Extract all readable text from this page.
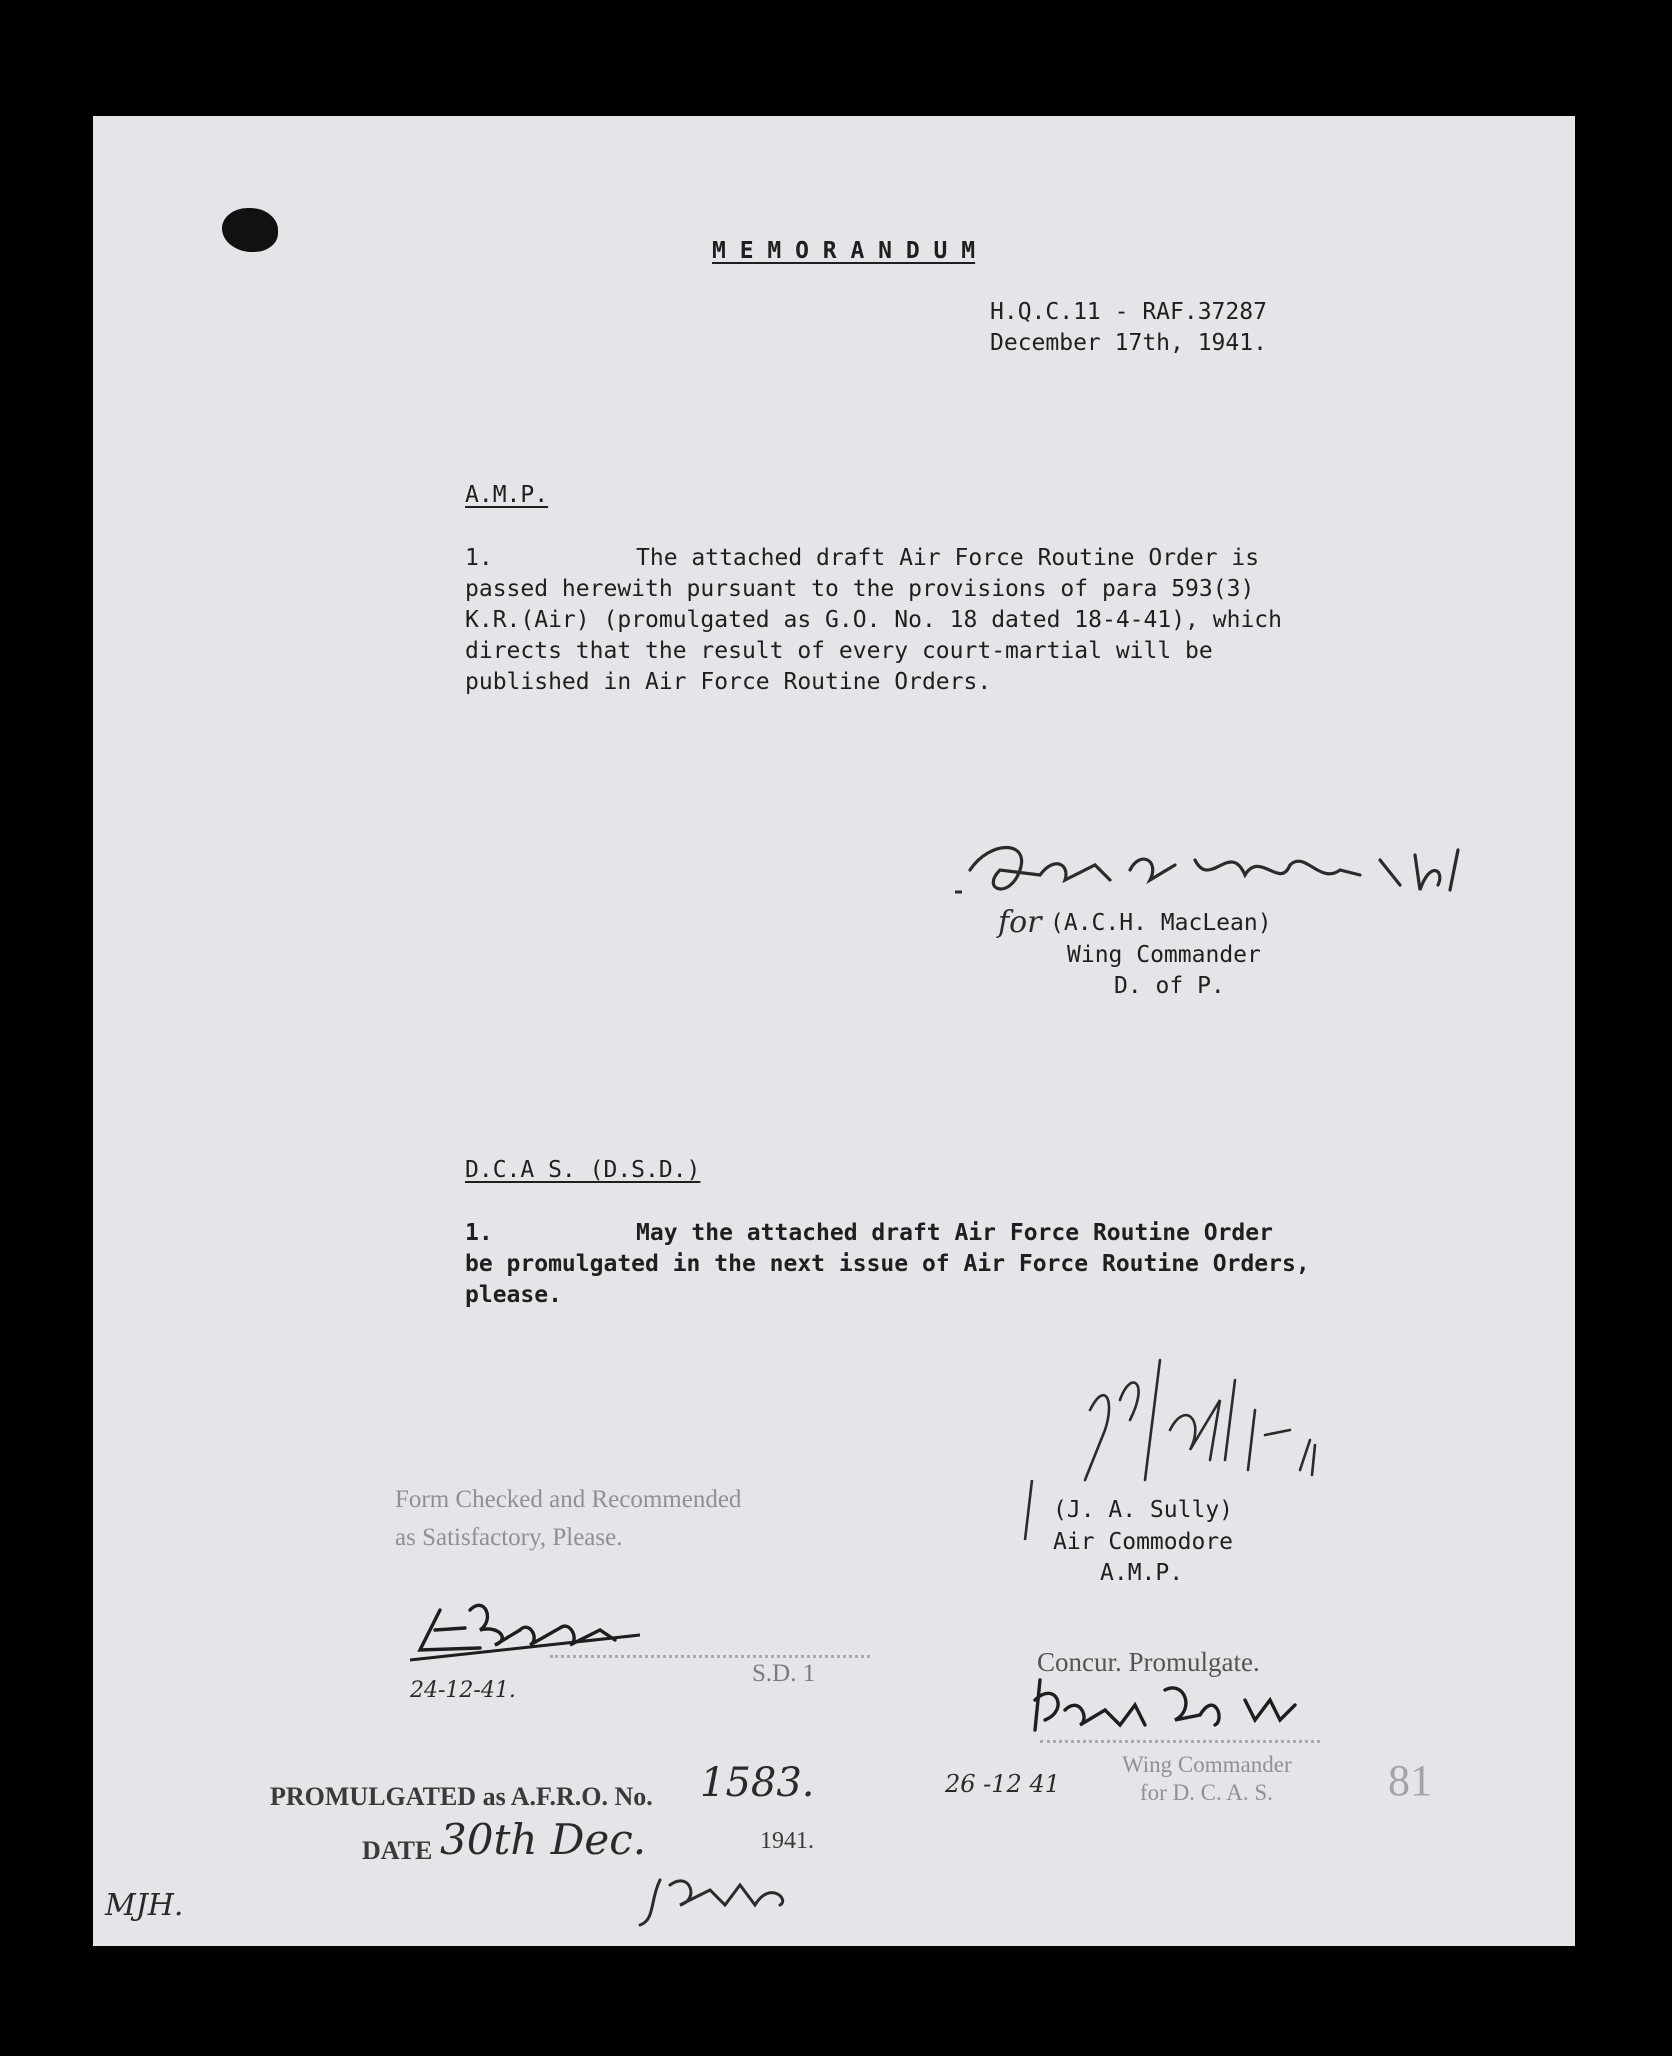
M E M O R A N D U M
H.Q.C.11 - RAF.37287
December 17th, 1941.
A.M.P.
1.	The attached draft Air Force Routine Order is
passed herewith pursuant to the provisions of para 593(3)
K.R.(Air) (promulgated as G.O. No. 18 dated 18-4-41), which
directs that the result of every court-martial will be
published in Air Force Routine Orders.
for (A.C.H. MacLean)
Wing Commander
D. of P.
D.C.A S. (D.S.D.)
1.	May the attached draft Air Force Routine Order
be promulgated in the next issue of Air Force Routine Orders,
please.
(J. A. Sully)
Air Commodore
A.M.P.
Form Checked and Recommended
as Satisfactory, Please.
24-12-41.
S.D. 1	Concur. Promulgate.
Wing Commander
for D. C. A. S.
26 -12 41	81
PROMULGATED as A.F.R.O. No. 1583.
DATE 30th Dec.	1941.
MJH.
